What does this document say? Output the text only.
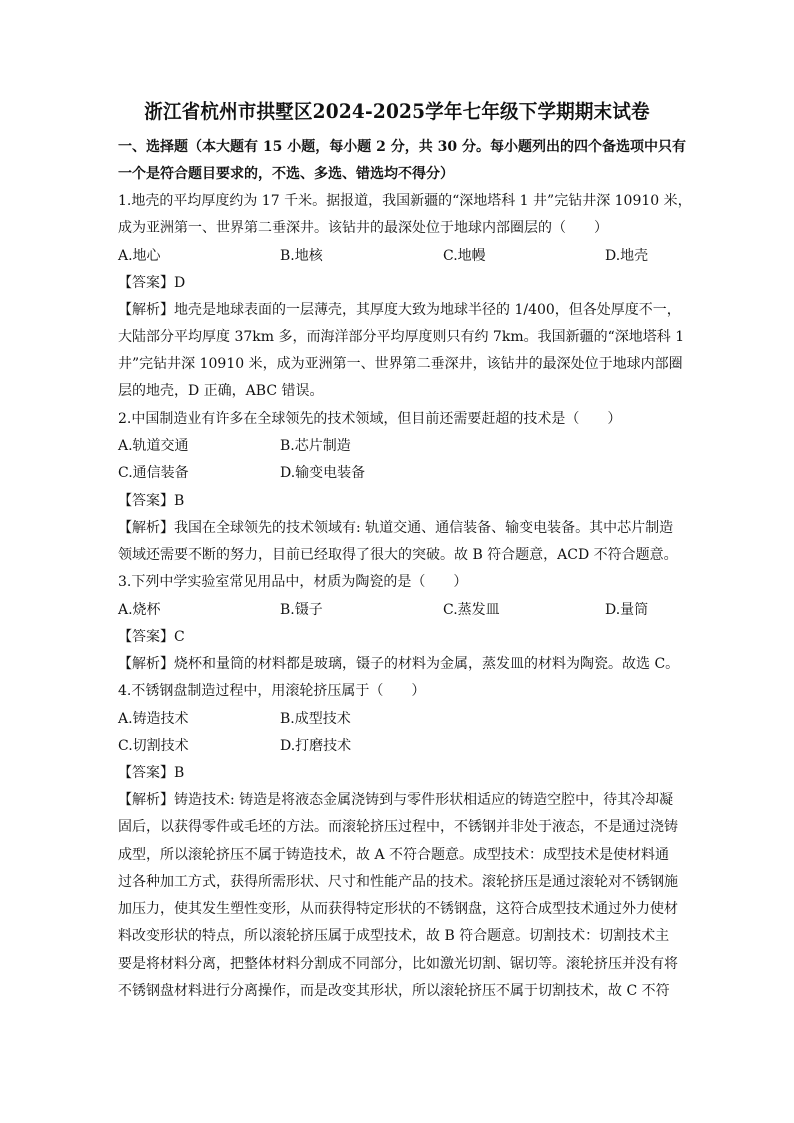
浙江省杭州市拱墅区2024-2025学年七年级下学期期末试卷
一、选择题（本大题有 15 小题，每小题 2 分，共 30 分。每小题列出的四个备选项中只有
一个是符合题目要求的，不选、多选、错选均不得分）
1.地壳的平均厚度约为 17 千米。据报道，我国新疆的“深地塔科 1 井”完钻井深 10910 米，
成为亚洲第一、世界第二垂深井。该钻井的最深处位于地球内部圈层的（　　）
A.地心	B.地核	C.地幔	D.地壳
【答案】D
【解析】地壳是地球表面的一层薄壳，其厚度大致为地球半径的 1/400，但各处厚度不一，
大陆部分平均厚度 37km 多，而海洋部分平均厚度则只有约 7km。我国新疆的“深地塔科 1
井”完钻井深 10910 米，成为亚洲第一、世界第二垂深井，该钻井的最深处位于地球内部圈
层的地壳，D 正确，ABC 错误。
2.中国制造业有许多在全球领先的技术领域，但目前还需要赶超的技术是（　　）
A.轨道交通	B.芯片制造
C.通信装备	D.输变电装备
【答案】B
【解析】我国在全球领先的技术领域有: 轨道交通、通信装备、输变电装备。其中芯片制造
领域还需要不断的努力，目前已经取得了很大的突破。故 B 符合题意，ACD 不符合题意。
3.下列中学实验室常见用品中，材质为陶瓷的是（　　）
A.烧杯	B.镊子	C.蒸发皿	D.量筒
【答案】C
【解析】烧杯和量筒的材料都是玻璃，镊子的材料为金属，蒸发皿的材料为陶瓷。故选 C。
4.不锈钢盘制造过程中，用滚轮挤压属于（　　）
A.铸造技术	B.成型技术
C.切割技术	D.打磨技术
【答案】B
【解析】铸造技术: 铸造是将液态金属浇铸到与零件形状相适应的铸造空腔中，待其冷却凝
固后，以获得零件或毛坯的方法。而滚轮挤压过程中，不锈钢并非处于液态，不是通过浇铸
成型，所以滚轮挤压不属于铸造技术，故 A 不符合题意。成型技术：成型技术是使材料通
过各种加工方式，获得所需形状、尺寸和性能产品的技术。滚轮挤压是通过滚轮对不锈钢施
加压力，使其发生塑性变形，从而获得特定形状的不锈钢盘，这符合成型技术通过外力使材
料改变形状的特点，所以滚轮挤压属于成型技术，故 B 符合题意。切割技术：切割技术主
要是将材料分离，把整体材料分割成不同部分，比如激光切割、锯切等。滚轮挤压并没有将
不锈钢盘材料进行分离操作，而是改变其形状，所以滚轮挤压不属于切割技术，故 C 不符
